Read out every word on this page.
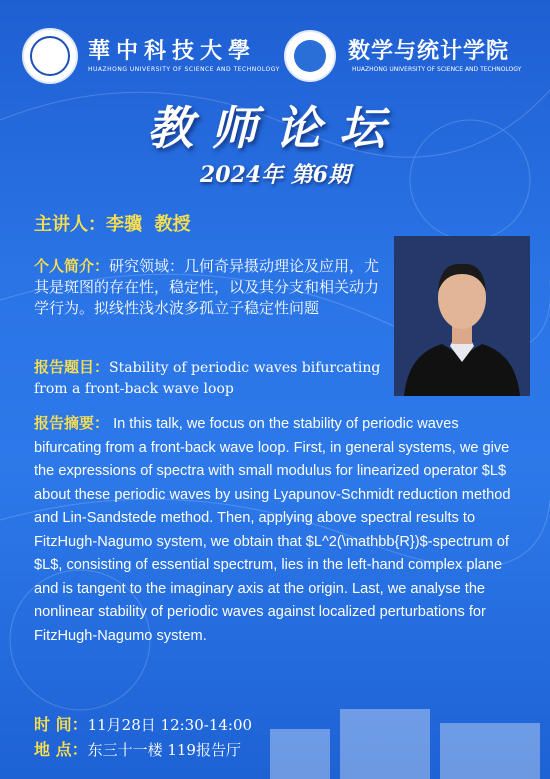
華中科技大學
HUAZHONG UNIVERSITY OF SCIENCE AND TECHNOLOGY
数学与统计学院
HUAZHONG UNIVERSITY OF SCIENCE AND TECHNOLOGY
教师论坛
2024年 第6期
主讲人：李骥 教授
个人简介：研究领域：几何奇异摄动理论及应用，尤其是斑图的存在性，稳定性，以及其分支和相关动力学行为。拟线性浅水波多孤立子稳定性问题
报告题目：Stability of periodic waves bifurcating from a front-back wave loop
报告摘要： In this talk, we focus on the stability of periodic waves bifurcating from a front-back wave loop. First, in general systems, we give the expressions of spectra with small modulus for linearized operator $L$ about these periodic waves by using Lyapunov-Schmidt reduction method and Lin-Sandstede method. Then, applying above spectral results to FitzHugh-Nagumo system, we obtain that $L^2(\mathbb{R})$-spectrum of $L$, consisting of essential spectrum, lies in the left-hand complex plane and is tangent to the imaginary axis at the origin. Last, we analyse the nonlinear stability of periodic waves against localized perturbations for FitzHugh-Nagumo system.
时 间：11月28日 12:30-14:00
地 点：东三十一楼 119报告厅
